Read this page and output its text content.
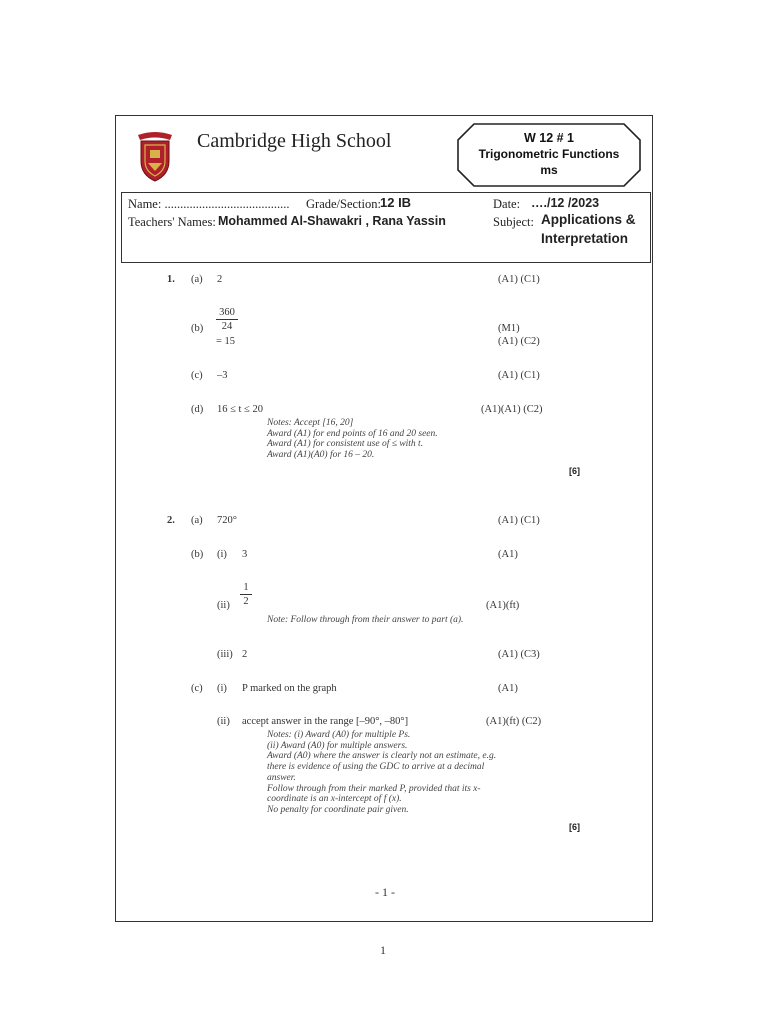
Cambridge High School	W 12 # 1
Trigonometric Functions
ms
Name: ........................................ Grade/Section: 12 IB	Date: …./12 /2023
Teachers' Names: Mohammed Al-Shawakri , Rana Yassin	Subject: Applications &
Interpretation
1. (a) 2	(A1) (C1)
360
24
(b)	(M1)
= 15	(A1) (C2)
(c) –3	(A1) (C1)
(d) 16 ≤ t ≤ 20	(A1)(A1) (C2)
Notes: Accept [16, 20]
Award (A1) for end points of 16 and 20 seen.
Award (A1) for consistent use of ≤ with t.
Award (A1)(A0) for 16 – 20.
[6]
2. (a) 720°	(A1) (C1)
(b) (i) 3	(A1)
1
2
(ii)	(A1)(ft)
Note: Follow through from their answer to part (a).
(iii) 2	(A1) (C3)
(c) (i) P marked on the graph	(A1)
(ii) accept answer in the range [–90°, –80°]	(A1)(ft) (C2)
Notes: (i) Award (A0) for multiple Ps.
(ii) Award (A0) for multiple answers.
Award (A0) where the answer is clearly not an estimate, e.g.
there is evidence of using the GDC to arrive at a decimal
answer.
Follow through from their marked P, provided that its x-
coordinate is an x-intercept of f (x).
No penalty for coordinate pair given.
[6]
- 1 -
1
